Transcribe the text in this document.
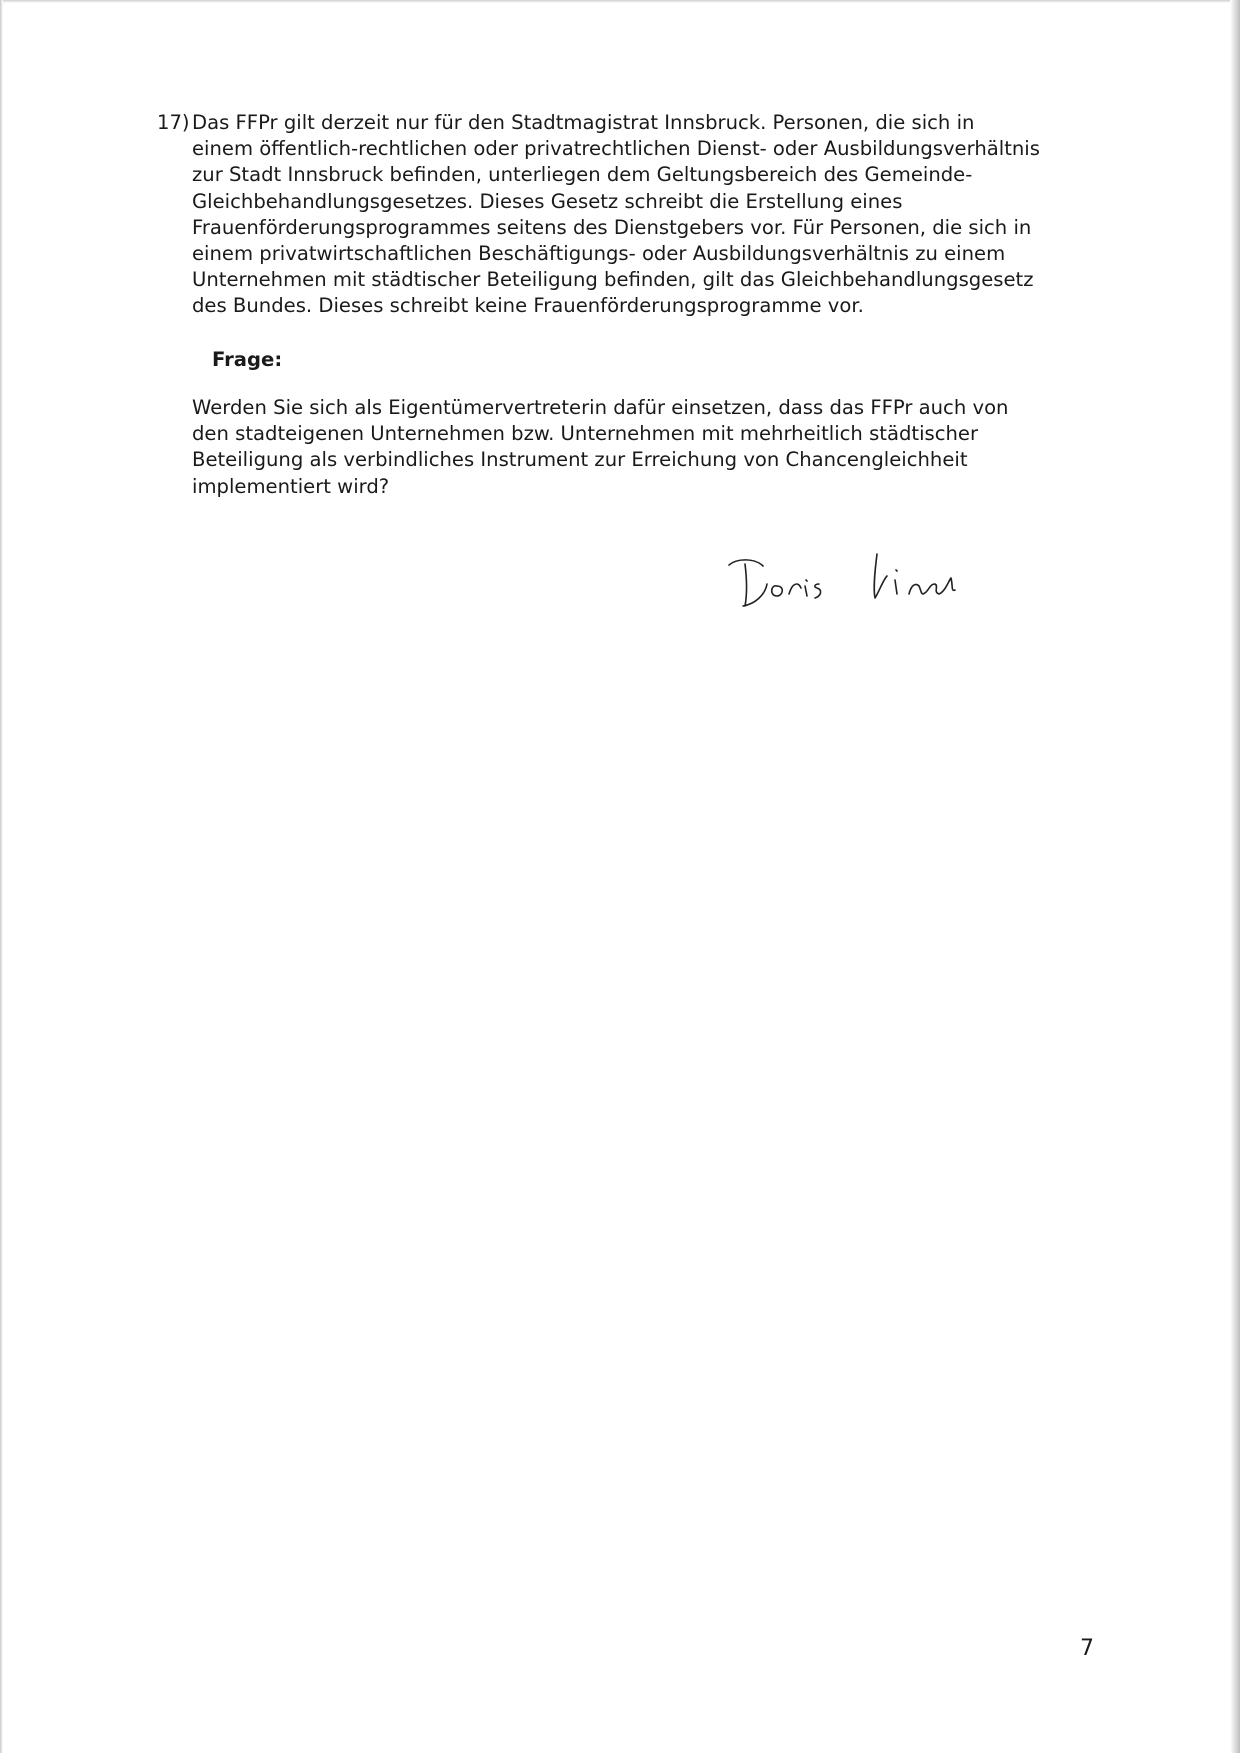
17) Das FFPr gilt derzeit nur für den Stadtmagistrat Innsbruck. Personen, die sich in
einem öffentlich-rechtlichen oder privatrechtlichen Dienst- oder Ausbildungsverhältnis
zur Stadt Innsbruck befinden, unterliegen dem Geltungsbereich des Gemeinde-
Gleichbehandlungsgesetzes. Dieses Gesetz schreibt die Erstellung eines
Frauenförderungsprogrammes seitens des Dienstgebers vor. Für Personen, die sich in
einem privatwirtschaftlichen Beschäftigungs- oder Ausbildungsverhältnis zu einem
Unternehmen mit städtischer Beteiligung befinden, gilt das Gleichbehandlungsgesetz
des Bundes. Dieses schreibt keine Frauenförderungsprogramme vor.
Frage:
Werden Sie sich als Eigentümervertreterin dafür einsetzen, dass das FFPr auch von
den stadteigenen Unternehmen bzw. Unternehmen mit mehrheitlich städtischer
Beteiligung als verbindliches Instrument zur Erreichung von Chancengleichheit
implementiert wird?
7
